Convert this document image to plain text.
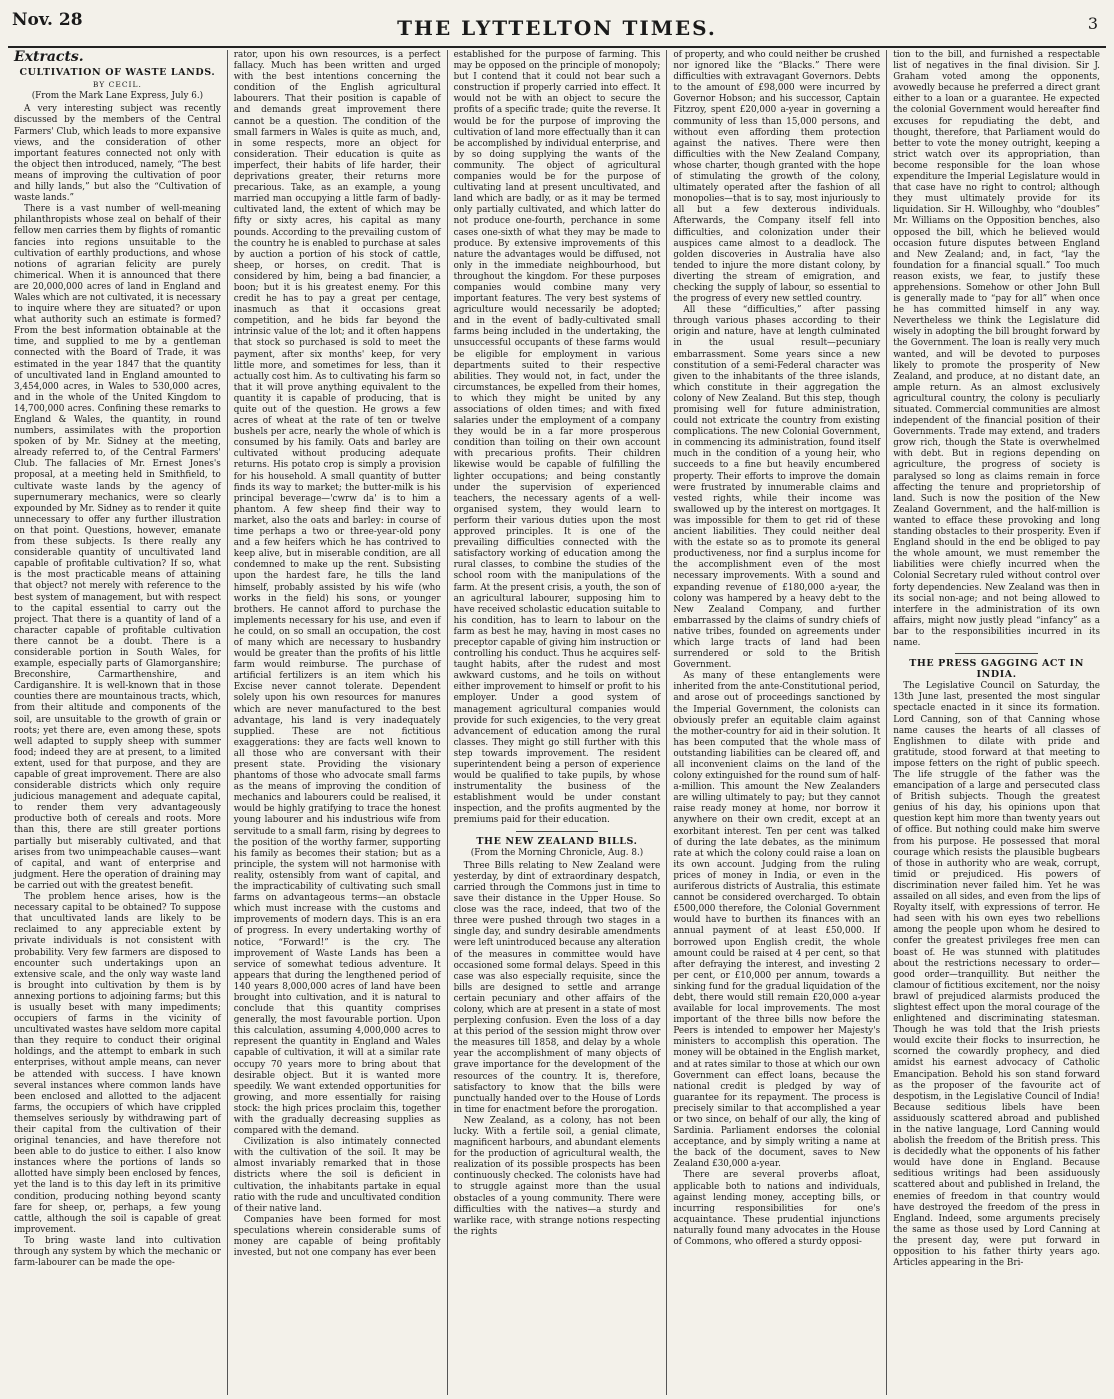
Nov. 28	THE LYTTELTON TIMES.	3
Extracts.
CULTIVATION OF WASTE LANDS.
BY CECIL.
(From the Mark Lane Express, July 6.)

A very interesting subject was recently discussed by the members of the Central Farmers' Club, which leads to more expansive views, and the consideration of other important features connected not only with the object then introduced, namely, “The best means of improving the cultivation of poor and hilly lands,” but also the “Cultivation of waste lands.”

There is a vast number of well-meaning philanthropists whose zeal on behalf of their fellow men carries them by flights of romantic fancies into regions unsuitable to the cultivation of earthly productions, and whose notions of agrarian felicity are purely chimerical. When it is announced that there are 20,000,000 acres of land in England and Wales which are not cultivated, it is necessary to inquire where they are situated? or upon what authority such an estimate is formed? From the best information obtainable at the time, and supplied to me by a gentleman connected with the Board of Trade, it was estimated in the year 1847 that the quantity of uncultivated land in England amounted to 3,454,000 acres, in Wales to 530,000 acres, and in the whole of the United Kingdom to 14,700,000 acres. Confining these remarks to England & Wales, the quantity, in round numbers, assimilates with the proportion spoken of by Mr. Sidney at the meeting, already referred to, of the Central Farmers' Club. The fallacies of Mr. Ernest Jones's proposal, at a meeting held in Smithfield, to cultivate waste lands by the agency of supernumerary mechanics, were so clearly expounded by Mr. Sidney as to render it quite unnecessary to offer any further illustration on that point. Questions, however, emanate from these subjects. Is there really any considerable quantity of uncultivated land capable of profitable cultivation? If so, what is the most practicable means of attaining that object? not merely with reference to the best system of management, but with respect to the capital essential to carry out the project. That there is a quantity of land of a character capable of profitable cultivation there cannot be a doubt. There is a considerable portion in South Wales, for example, especially parts of Glamorganshire; Breconshire, Carmarthenshire, and Cardiganshire. It is well-known that in those counties there are mountainous tracts, which, from their altitude and components of the soil, are unsuitable to the growth of grain or roots; yet there are, even among these, spots well adapted to supply sheep with summer food; indeed they are at present, to a limited extent, used for that purpose, and they are capable of great improvement. There are also considerable districts which only require judicious management and adequate capital, to render them very advantageously productive both of cereals and roots. More than this, there are still greater portions partially but miserably cultivated, and that arises from two unimpeachable causes—want of capital, and want of enterprise and judgment. Here the operation of draining may be carried out with the greatest benefit.

The problem hence arises, how is the necessary capital to be obtained? To suppose that uncultivated lands are likely to be reclaimed to any appreciable extent by private individuals is not consistent with probability. Very few farmers are disposed to encounter such undertakings upon an extensive scale, and the only way waste land is brought into cultivation by them is by annexing portions to adjoining farms; but this is usually beset with many impediments; occupiers of farms in the vicinity of uncultivated wastes have seldom more capital than they require to conduct their original holdings, and the attempt to embark in such enterprises, without ample means, can never be attended with success. I have known several instances where common lands have been enclosed and allotted to the adjacent farms, the occupiers of which have crippled themselves seriously by withdrawing part of their capital from the cultivation of their original tenancies, and have therefore not been able to do justice to either. I also know instances where the portions of lands so allotted have simply been enclosed by fences, yet the land is to this day left in its primitive condition, producing nothing beyond scanty fare for sheep, or, perhaps, a few young cattle, although the soil is capable of great improvement.

To bring waste land into cultivation through any system by which the mechanic or farm-labourer can be made the ope-

rator, upon his own resources, is a perfect fallacy. Much has been written and urged with the best intentions concerning the condition of the English agricultural labourers. That their position is capable of and demands great improvement there cannot be a question. The condition of the small farmers in Wales is quite as much, and, in some respects, more an object for consideration. Their education is quite as imperfect, their habits of life harder, their deprivations greater, their returns more precarious. Take, as an example, a young married man occupying a little farm of badly-cultivated land, the extent of which may be fifty or sixty acres, his capital as many pounds. According to the prevailing custom of the country he is enabled to purchase at sales by auction a portion of his stock of cattle, sheep, or horses, on credit. That is considered by him, being a bad financier, a boon; but it is his greatest enemy. For this credit he has to pay a great per centage, inasmuch as that it occasions great competition, and he bids far beyond the intrinsic value of the lot; and it often happens that stock so purchased is sold to meet the payment, after six months' keep, for very little more, and sometimes for less, than it actually cost him. As to cultivating his farm so that it will prove anything equivalent to the quantity it is capable of producing, that is quite out of the question. He grows a few acres of wheat at the rate of ten or twelve bushels per acre, nearly the whole of which is consumed by his family. Oats and barley are cultivated without producing adequate returns. His potato crop is simply a provision for his household. A small quantity of butter finds its way to market; the butter-milk is his principal beverage—'cwrw da' is to him a phantom. A few sheep find their way to market, also the oats and barley: in course of time perhaps a two or three-year-old pony and a few heifers which he has contrived to keep alive, but in miserable condition, are all condemned to make up the rent. Subsisting upon the hardest fare, he tills the land himself, probably assisted by his wife (who works in the field) his sons, or younger brothers. He cannot afford to purchase the implements necessary for his use, and even if he could, on so small an occupation, the cost of many which are necessary to husbandry would be greater than the profits of his little farm would reimburse. The purchase of artificial fertilizers is an item which his Excise never cannot tolerate. Dependent solely upon his own resources for manures which are never manufactured to the best advantage, his land is very inadequately supplied. These are not fictitious exaggerations: they are facts well known to all those who are conversant with their present state. Providing the visionary phantoms of those who advocate small farms as the means of improving the condition of mechanics and labourers could be realised, it would be highly gratifying to trace the honest young labourer and his industrious wife from servitude to a small farm, rising by degrees to the position of the worthy farmer, supporting his family as becomes their station; but as a principle, the system will not harmonise with reality, ostensibly from want of capital, and the impracticability of cultivating such small farms on advantageous terms—an obstacle which must increase with the customs and improvements of modern days. This is an era of progress. In every undertaking worthy of notice, “Forward!” is the cry. The improvement of Waste Lands has been a service of somewhat tedious adventure. It appears that during the lengthened period of 140 years 8,000,000 acres of land have been brought into cultivation, and it is natural to conclude that this quantity comprises generally, the most favourable portion. Upon this calculation, assuming 4,000,000 acres to represent the quantity in England and Wales capable of cultivation, it will at a similar rate occupy 70 years more to bring about that desirable object. But it is wanted more speedily. We want extended opportunities for growing, and more essentially for raising stock: the high prices proclaim this, together with the gradually decreasing supplies as compared with the demand.

Civilization is also intimately connected with the cultivation of the soil. It may be almost invariably remarked that in those districts where the soil is deficient in cultivation, the inhabitants partake in equal ratio with the rude and uncultivated condition of their native land.

Companies have been formed for most speculations wherein considerable sums of money are capable of being profitably invested, but not one company has ever been

established for the purpose of farming. This may be opposed on the principle of monopoly; but I contend that it could not bear such a construction if properly carried into effect. It would not be with an object to secure the profits of a specific trade; quite the reverse. It would be for the purpose of improving the cultivation of land more effectually than it can be accomplished by individual enterprise, and by so doing supplying the wants of the community. The object of agricultural companies would be for the purpose of cultivating land at present uncultivated, and land which are badly, or as it may be termed only partially cultivated, and which latter do not produce one-fourth, perchance in some cases one-sixth of what they may be made to produce. By extensive improvements of this nature the advantages would be diffused, not only in the immediate neighbourhood, but throughout the kingdom. For these purposes companies would combine many very important features. The very best systems of agriculture would necessarily be adopted; and in the event of badly-cultivated small farms being included in the undertaking, the unsuccessful occupants of these farms would be eligible for employment in various departments suited to their respective abilities. They would not, in fact, under the circumstances, be expelled from their homes, to which they might be united by any associations of olden times; and with fixed salaries under the employment of a company they would be in a far more prosperous condition than toiling on their own account with precarious profits. Their children likewise would be capable of fulfilling the lighter occupations; and being constantly under the supervision of experienced teachers, the necessary agents of a well-organised system, they would learn to perform their various duties upon the most approved principles. It is one of the prevailing difficulties connected with the satisfactory working of education among the rural classes, to combine the studies of the school room with the manipulations of the farm. At the present crisis, a youth, the son of an agricultural labourer, supposing him to have received scholastic education suitable to his condition, has to learn to labour on the farm as best he may, having in most cases no preceptor capable of giving him instruction or controlling his conduct. Thus he acquires self-taught habits, after the rudest and most awkward customs, and he toils on without either improvement to himself or profit to his employer. Under a good system of management agricultural companies would provide for such exigencies, to the very great advancement of education among the rural classes. They might go still further with this step towards improvement. The resident superintendent being a person of experience would be qualified to take pupils, by whose instrumentality the business of the establishment would be under constant inspection, and the profits augmented by the premiums paid for their education.

THE NEW ZEALAND BILLS.
(From the Morning Chronicle, Aug. 8.)

Three Bills relating to New Zealand were yesterday, by dint of extraordinary despatch, carried through the Commons just in time to save their distance in the Upper House. So close was the race, indeed, that two of the three were pushed through two stages in a single day, and sundry desirable amendments were left unintroduced because any alteration of the measures in committee would have occasioned some formal delays. Speed in this case was also especially requisite, since the bills are designed to settle and arrange certain pecuniary and other affairs of the colony, which are at present in a state of most perplexing confusion. Even the loss of a day at this period of the session might throw over the measures till 1858, and delay by a whole year the accomplishment of many objects of grave importance for the development of the resources of the country. It is, therefore, satisfactory to know that the bills were punctually handed over to the House of Lords in time for enactment before the prorogation.

New Zealand, as a colony, has not been lucky. With a fertile soil, a genial climate, magnificent harbours, and abundant elements for the production of agricultural wealth, the realization of its possible prospects has been continuously checked. The colonists have had to struggle against more than the usual obstacles of a young community. There were difficulties with the natives—a sturdy and warlike race, with strange notions respecting the rights

of property, and who could neither be crushed nor ignored like the “Blacks.” There were difficulties with extravagant Governors. Debts to the amount of £98,000 were incurred by Governor Hobson; and his successor, Captain Fitzroy, spent £20,000 a-year in governing a community of less than 15,000 persons, and without even affording them protection against the natives. There were then difficulties with the New Zealand Company, whose charter, though granted with the hope of stimulating the growth of the colony, ultimately operated after the fashion of all monopolies—that is to say, most injuriously to all but a few dexterous individuals. Afterwards, the Company itself fell into difficulties, and colonization under their auspices came almost to a deadlock. The golden discoveries in Australia have also tended to injure the more distant colony, by diverting the stream of emigration, and checking the supply of labour, so essential to the progress of every new settled country.

All these “difficulties,” after passing through various phases according to their origin and nature, have at length culminated in the usual result—pecuniary embarrassment. Some years since a new constitution of a semi-Federal character was given to the inhabitants of the three islands, which constitute in their aggregation the colony of New Zealand. But this step, though promising well for future administration, could not extricate the country from existing complications. The new Colonial Government, in commencing its administration, found itself much in the condition of a young heir, who succeeds to a fine but heavily encumbered property. Their efforts to improve the domain were frustrated by innumerable claims and vested rights, while their income was swallowed up by the interest on mortgages. It was impossible for them to get rid of these ancient liabilities. They could neither deal with the estate so as to promote its general productiveness, nor find a surplus income for the accomplishment even of the most necessary improvements. With a sound and expanding revenue of £180,000 a-year, the colony was hampered by a heavy debt to the New Zealand Company, and further embarrassed by the claims of sundry chiefs of native tribes, founded on agreements under which large tracts of land had been surrendered or sold to the British Government.

As many of these entanglements were inherited from the ante-Constitutional period, and arose out of proceedings sanctioned by the Imperial Government, the colonists can obviously prefer an equitable claim against the mother-country for aid in their solution. It has been computed that the whole mass of outstanding liabilities can be cleared off, and all inconvenient claims on the land of the colony extinguished for the round sum of half-a-million. This amount the New Zealanders are willing ultimately to pay; but they cannot raise ready money at home, nor borrow it anywhere on their own credit, except at an exorbitant interest. Ten per cent was talked of during the late debates, as the minimum rate at which the colony could raise a loan on its own account. Judging from the ruling prices of money in India, or even in the auriferous districts of Australia, this estimate cannot be considered overcharged. To obtain £500,000 therefore, the Colonial Government would have to burthen its finances with an annual payment of at least £50,000. If borrowed upon English credit, the whole amount could be raised at 4 per cent, so that after defraying the interest, and investing 2 per cent, or £10,000 per annum, towards a sinking fund for the gradual liquidation of the debt, there would still remain £20,000 a-year available for local improvements. The most important of the three bills now before the Peers is intended to empower her Majesty's ministers to accomplish this operation. The money will be obtained in the English market, and at rates similar to those at which our own Government can effect loans, because the national credit is pledged by way of guarantee for its repayment. The process is precisely similar to that accomplished a year or two since, on behalf of our ally, the king of Sardinia. Parliament endorses the colonial acceptance, and by simply writing a name at the back of the document, saves to New Zealand £30,000 a-year.

There are several proverbs afloat, applicable both to nations and individuals, against lending money, accepting bills, or incurring responsibilities for one's acquaintance. These prudential injunctions naturally found many advocates in the House of Commons, who offered a sturdy opposi-

tion to the bill, and furnished a respectable list of negatives in the final division. Sir J. Graham voted among the opponents, avowedly because he preferred a direct grant either to a loan or a guarantee. He expected the colonial Government would hereafter find excuses for repudiating the debt, and thought, therefore, that Parliament would do better to vote the money outright, keeping a strict watch over its appropriation, than become responsible for the loan whose expenditure the Imperial Legislature would in that case have no right to control; although they must ultimately provide for its liquidation. Sir H. Willoughby, who “doubles” Mr. Williams on the Opposition benches, also opposed the bill, which he believed would occasion future disputes between England and New Zealand; and, in fact, “lay the foundation for a financial squall.” Too much reason exists, we fear, to justify these apprehensions. Somehow or other John Bull is generally made to “pay for all” when once he has committed himself in any way. Nevertheless we think the Legislature did wisely in adopting the bill brought forward by the Government. The loan is really very much wanted, and will be devoted to purposes likely to promote the prosperity of New Zealand, and produce, at no distant date, an ample return. As an almost exclusively agricultural country, the colony is peculiarly situated. Commercial communities are almost independent of the financial position of their Governments. Trade may extend, and traders grow rich, though the State is overwhelmed with debt. But in regions depending on agriculture, the progress of society is paralysed so long as claims remain in force affecting the tenure and proprietorship of land. Such is now the position of the New Zealand Government, and the half-million is wanted to efface these provoking and long standing obstacles to their prosperity. Even if England should in the end be obliged to pay the whole amount, we must remember the liabilities were chiefly incurred when the Colonial Secretary ruled without control over forty dependencies. New Zealand was then in its social non-age; and not being allowed to interfere in the administration of its own affairs, might now justly plead “infancy” as a bar to the responsibilities incurred in its name.

THE PRESS GAGGING ACT IN INDIA.

The Legislative Council on Saturday, the 13th June last, presented the most singular spectacle enacted in it since its formation. Lord Canning, son of that Canning whose name causes the hearts of all classes of Englishmen to dilate with pride and gratitude, stood forward at that meeting to impose fetters on the right of public speech. The life struggle of the father was the emancipation of a large and persecuted class of British subjects. Though the greatest genius of his day, his opinions upon that question kept him more than twenty years out of office. But nothing could make him swerve from his purpose. He possessed that moral courage which resists the plausible bugbears of those in authority who are weak, corrupt, timid or prejudiced. His powers of discrimination never failed him. Yet he was assailed on all sides, and even from the lips of Royalty itself, with expressions of terror. He had seen with his own eyes two rebellions among the people upon whom he desired to confer the greatest privileges free men can boast of. He was stunned with platitudes about the restrictions necessary to order—good order—tranquillity. But neither the clamour of fictitious excitement, nor the noisy brawl of prejudiced alarmists produced the slightest effect upon the moral courage of the enlightened and discriminating statesman. Though he was told that the Irish priests would excite their flocks to insurrection, he scorned the cowardly prophecy, and died amidst his earnest advocacy of Catholic Emancipation. Behold his son stand forward as the proposer of the favourite act of despotism, in the Legislative Council of India! Because seditious libels have been assiduously scattered abroad and published in the native language, Lord Canning would abolish the freedom of the British press. This is decidedly what the opponents of his father would have done in England. Because seditious writings had been assiduously scattered about and published in Ireland, the enemies of freedom in that country would have destroyed the freedom of the press in England. Indeed, some arguments precisely the same as those used by Lord Canning at the present day, were put forward in opposition to his father thirty years ago. Articles appearing in the Bri-
